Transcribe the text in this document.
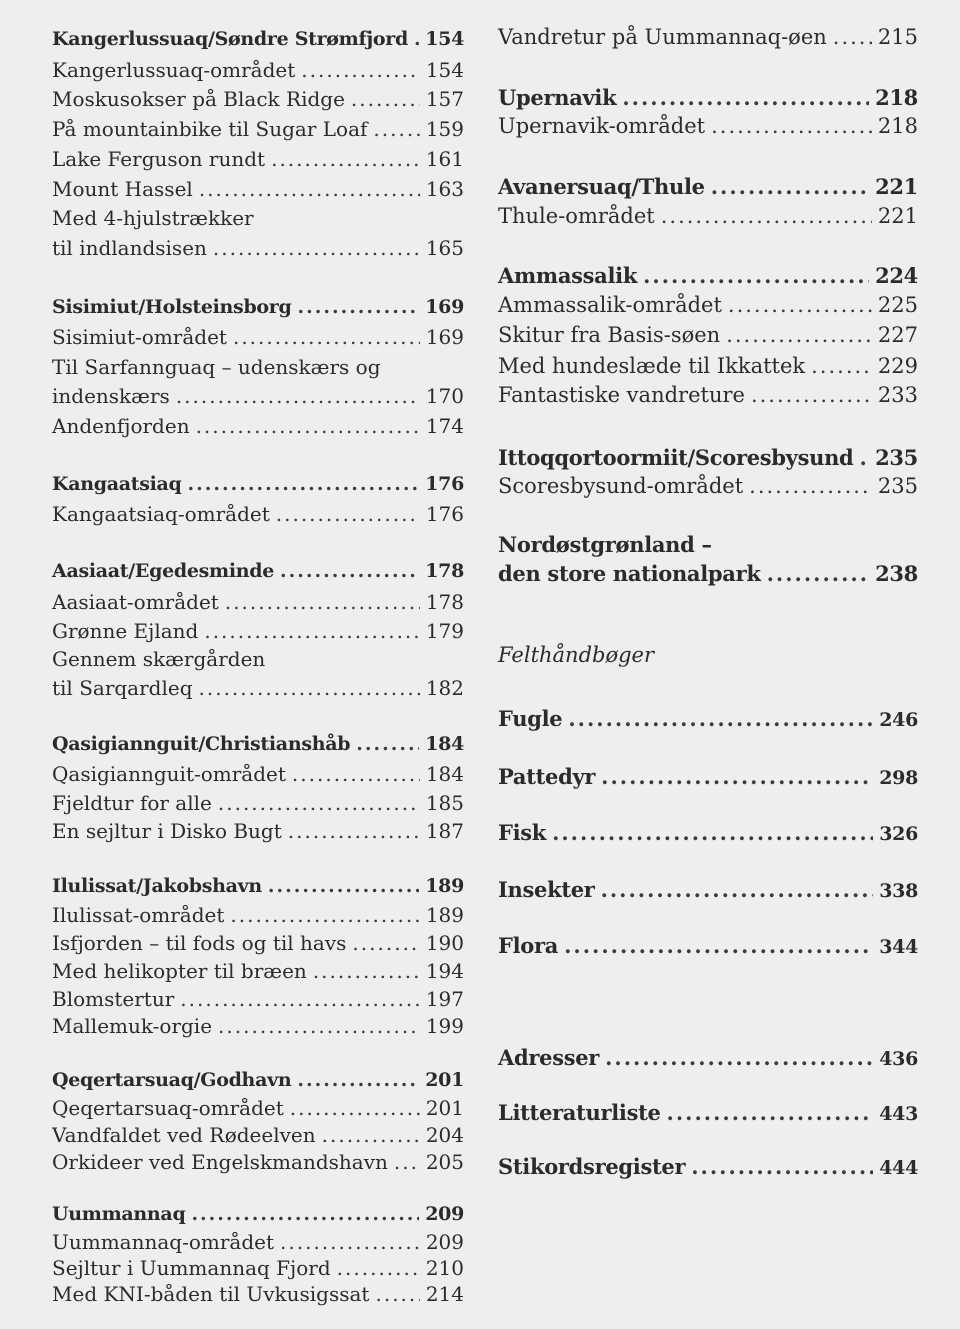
Kangerlussuaq/Søndre Strømfjord ..... 154
Kangerlussuaq-området .....	154
Moskusokser på Black Ridge .....	157
På mountainbike til Sugar Loaf .....	159
Lake Ferguson rundt .....	161
Mount Hassel .....	163
Med 4-hjulstrækker
til indlandsisen .....	165
Sisimiut/Holsteinsborg .....	169
Sisimiut-området .....	169
Til Sarfannguaq – udenskærs og
indenskærs .....	170
Andenfjorden .....	174
Kangaatsiaq .....	176
Kangaatsiaq-området .....	176
Aasiaat/Egedesminde .....	178
Aasiaat-området .....	178
Grønne Ejland .....	179
Gennem skærgården
til Sarqardleq .....	182
Qasigiannguit/Christianshåb .....	184
Qasigiannguit-området .....	184
Fjeldtur for alle .....	185
En sejltur i Disko Bugt .....	187
Ilulissat/Jakobshavn .....	189
Ilulissat-området .....	189
Isfjorden – til fods og til havs .....	190
Med helikopter til bræen .....	194
Blomstertur .....	197
Mallemuk-orgie .....	199
Qeqertarsuaq/Godhavn .....	201
Qeqertarsuaq-området .....	201
Vandfaldet ved Rødeelven .....	204
Orkideer ved Engelskmandshavn ..... 205
Uummannaq .....	209
Uummannaq-området .....	209
Sejltur i Uummannaq Fjord .....	210
Med KNI-båden til Uvkusigssat .....	214
Felthåndbøger
Vandretur på Uummannaq-øen ..... 215
Upernavik .....	218
Upernavik-området .....	218
Avanersuaq/Thule .....	221
Thule-området .....	221
Ammassalik .....	224
Ammassalik-området .....	225
Skitur fra Basis-søen .....	227
Med hundeslæde til Ikkattek .....	229
Fantastiske vandreture .....	233
Ittoqqortoormiit/Scoresbysund ..... 235
Scoresbysund-området .....	235
Nordøstgrønland –
den store nationalpark .....	238
Fugle .....	246
Pattedyr .....	298
Fisk .....	326
Insekter .....	338
Flora .....	344
Adresser .....	436
Litteraturliste .....	443
Stikordsregister .....	444
